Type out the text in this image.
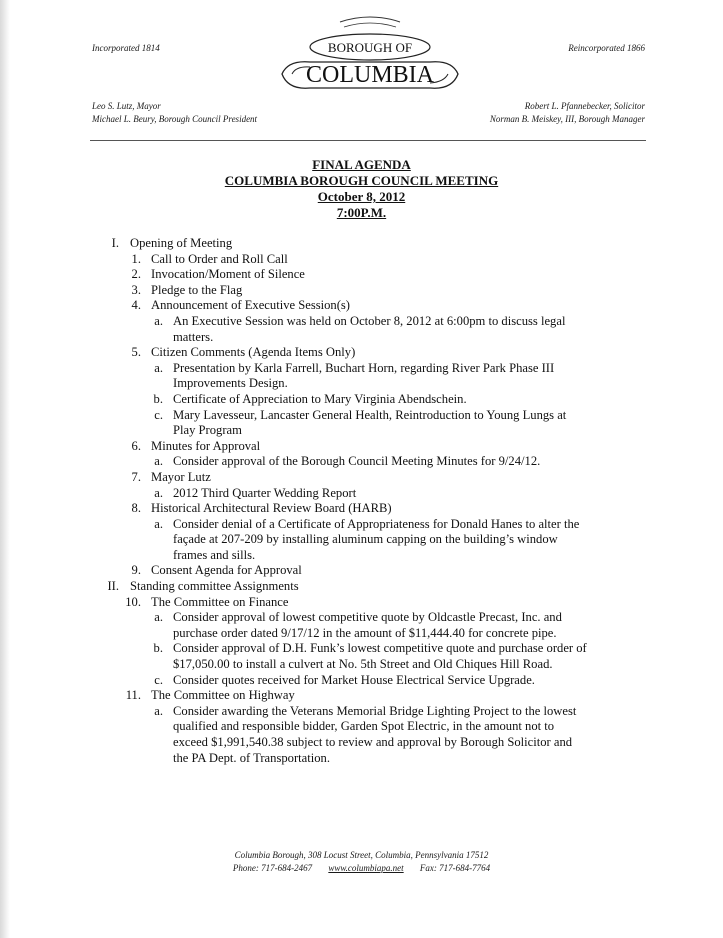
Incorporated 1814	Reincorporated 1866
BOROUGH OF
COLUMBIA
Leo S. Lutz, Mayor
Michael L. Beury, Borough Council President
Robert L. Pfannebecker, Solicitor
Norman B. Meiskey, III, Borough Manager
FINAL AGENDA
COLUMBIA BOROUGH COUNCIL MEETING
October 8, 2012
7:00P.M.
I. Opening of Meeting
1. Call to Order and Roll Call
2. Invocation/Moment of Silence
3. Pledge to the Flag
4. Announcement of Executive Session(s)
a. An Executive Session was held on October 8, 2012 at 6:00pm to discuss legal
matters.
5. Citizen Comments (Agenda Items Only)
a. Presentation by Karla Farrell, Buchart Horn, regarding River Park Phase III
Improvements Design.
b. Certificate of Appreciation to Mary Virginia Abendschein.
c. Mary Lavesseur, Lancaster General Health, Reintroduction to Young Lungs at
Play Program
6. Minutes for Approval
a. Consider approval of the Borough Council Meeting Minutes for 9/24/12.
7. Mayor Lutz
a. 2012 Third Quarter Wedding Report
8. Historical Architectural Review Board (HARB)
a. Consider denial of a Certificate of Appropriateness for Donald Hanes to alter the
façade at 207-209 by installing aluminum capping on the building’s window
frames and sills.
9. Consent Agenda for Approval
II. Standing committee Assignments
10. The Committee on Finance
a. Consider approval of lowest competitive quote by Oldcastle Precast, Inc. and
purchase order dated 9/17/12 in the amount of $11,444.40 for concrete pipe.
b. Consider approval of D.H. Funk’s lowest competitive quote and purchase order of
$17,050.00 to install a culvert at No. 5th Street and Old Chiques Hill Road.
c. Consider quotes received for Market House Electrical Service Upgrade.
11. The Committee on Highway
a. Consider awarding the Veterans Memorial Bridge Lighting Project to the lowest
qualified and responsible bidder, Garden Spot Electric, in the amount not to
exceed $1,991,540.38 subject to review and approval by Borough Solicitor and
the PA Dept. of Transportation.
Columbia Borough, 308 Locust Street, Columbia, Pennsylvania 17512
Phone: 717-684-2467 www.columbiapa.net Fax: 717-684-7764
